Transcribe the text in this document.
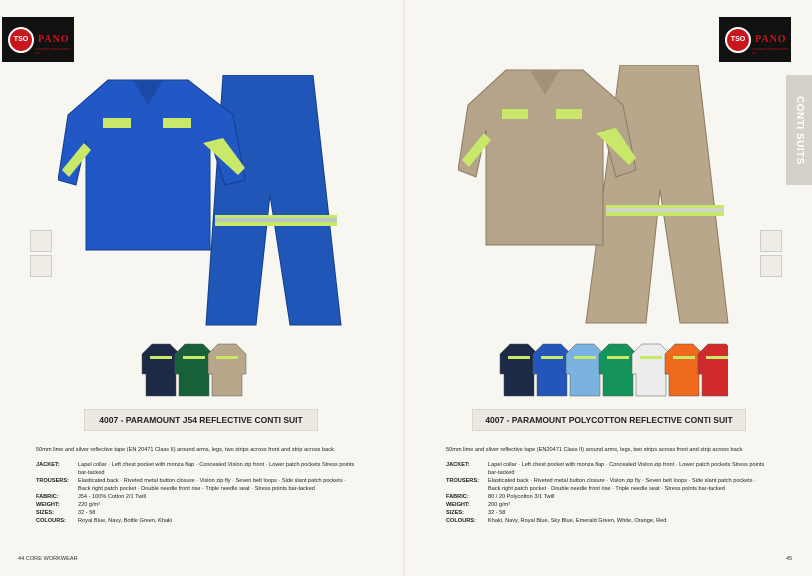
TSO PANO
CLOTHING SPECIALISTS CO.
4007 - PARAMOUNT J54 REFLECTIVE CONTI SUIT
50mm lime and silver reflective tape (EN 20471 Class II) around arms, legs, two strips across front and strip across back
JACKET:	Lapel collar · Left chest pocket with monza flap · Concealed Vislon zip front · Lower patch pockets Stress points bar-tacked
TROUSERS:	Elasticated back · Riveted metal button closure · Vislon zip fly · Seven belt loops · Side slant patch pockets · Back right patch pocket · Double needle front rise · Triple needle seat · Stress points bar-tacked
FABRIC:	J54 - 100% Cotton 2/1 Twill
WEIGHT:	220 g/m²
SIZES:	32 - 58
COLOURS:	Royal Blue, Navy, Bottle Green, Khaki
44 CORE WORKWEAR
TSO PANO
CLOTHING SPECIALISTS CO.
CONTI SUITS
4007 - PARAMOUNT POLYCOTTON REFLECTIVE CONTI SUIT
50mm lime and silver reflective tape (EN20471 Class II) around arms, legs, two strips across front and strip across back
JACKET:	Lapel collar · Left chest pocket with monza flap · Concealed Vislon zip front · Lower patch pockets Stress points bar-tacked
TROUSERS:	Elasticated back · Riveted metal button closure · Vislon zip fly · Seven belt loops · Side slant patch pockets · Back right patch pocket · Double needle front rise · Triple needle seat · Stress points bar-tacked
FABRIC:	80 / 20 Polycotton 3/1 Twill
WEIGHT:	200 g/m²
SIZES:	32 - 58
COLOURS:	Khaki, Navy, Royal Blue, Sky Blue, Emerald Green, White, Orange, Red
45
